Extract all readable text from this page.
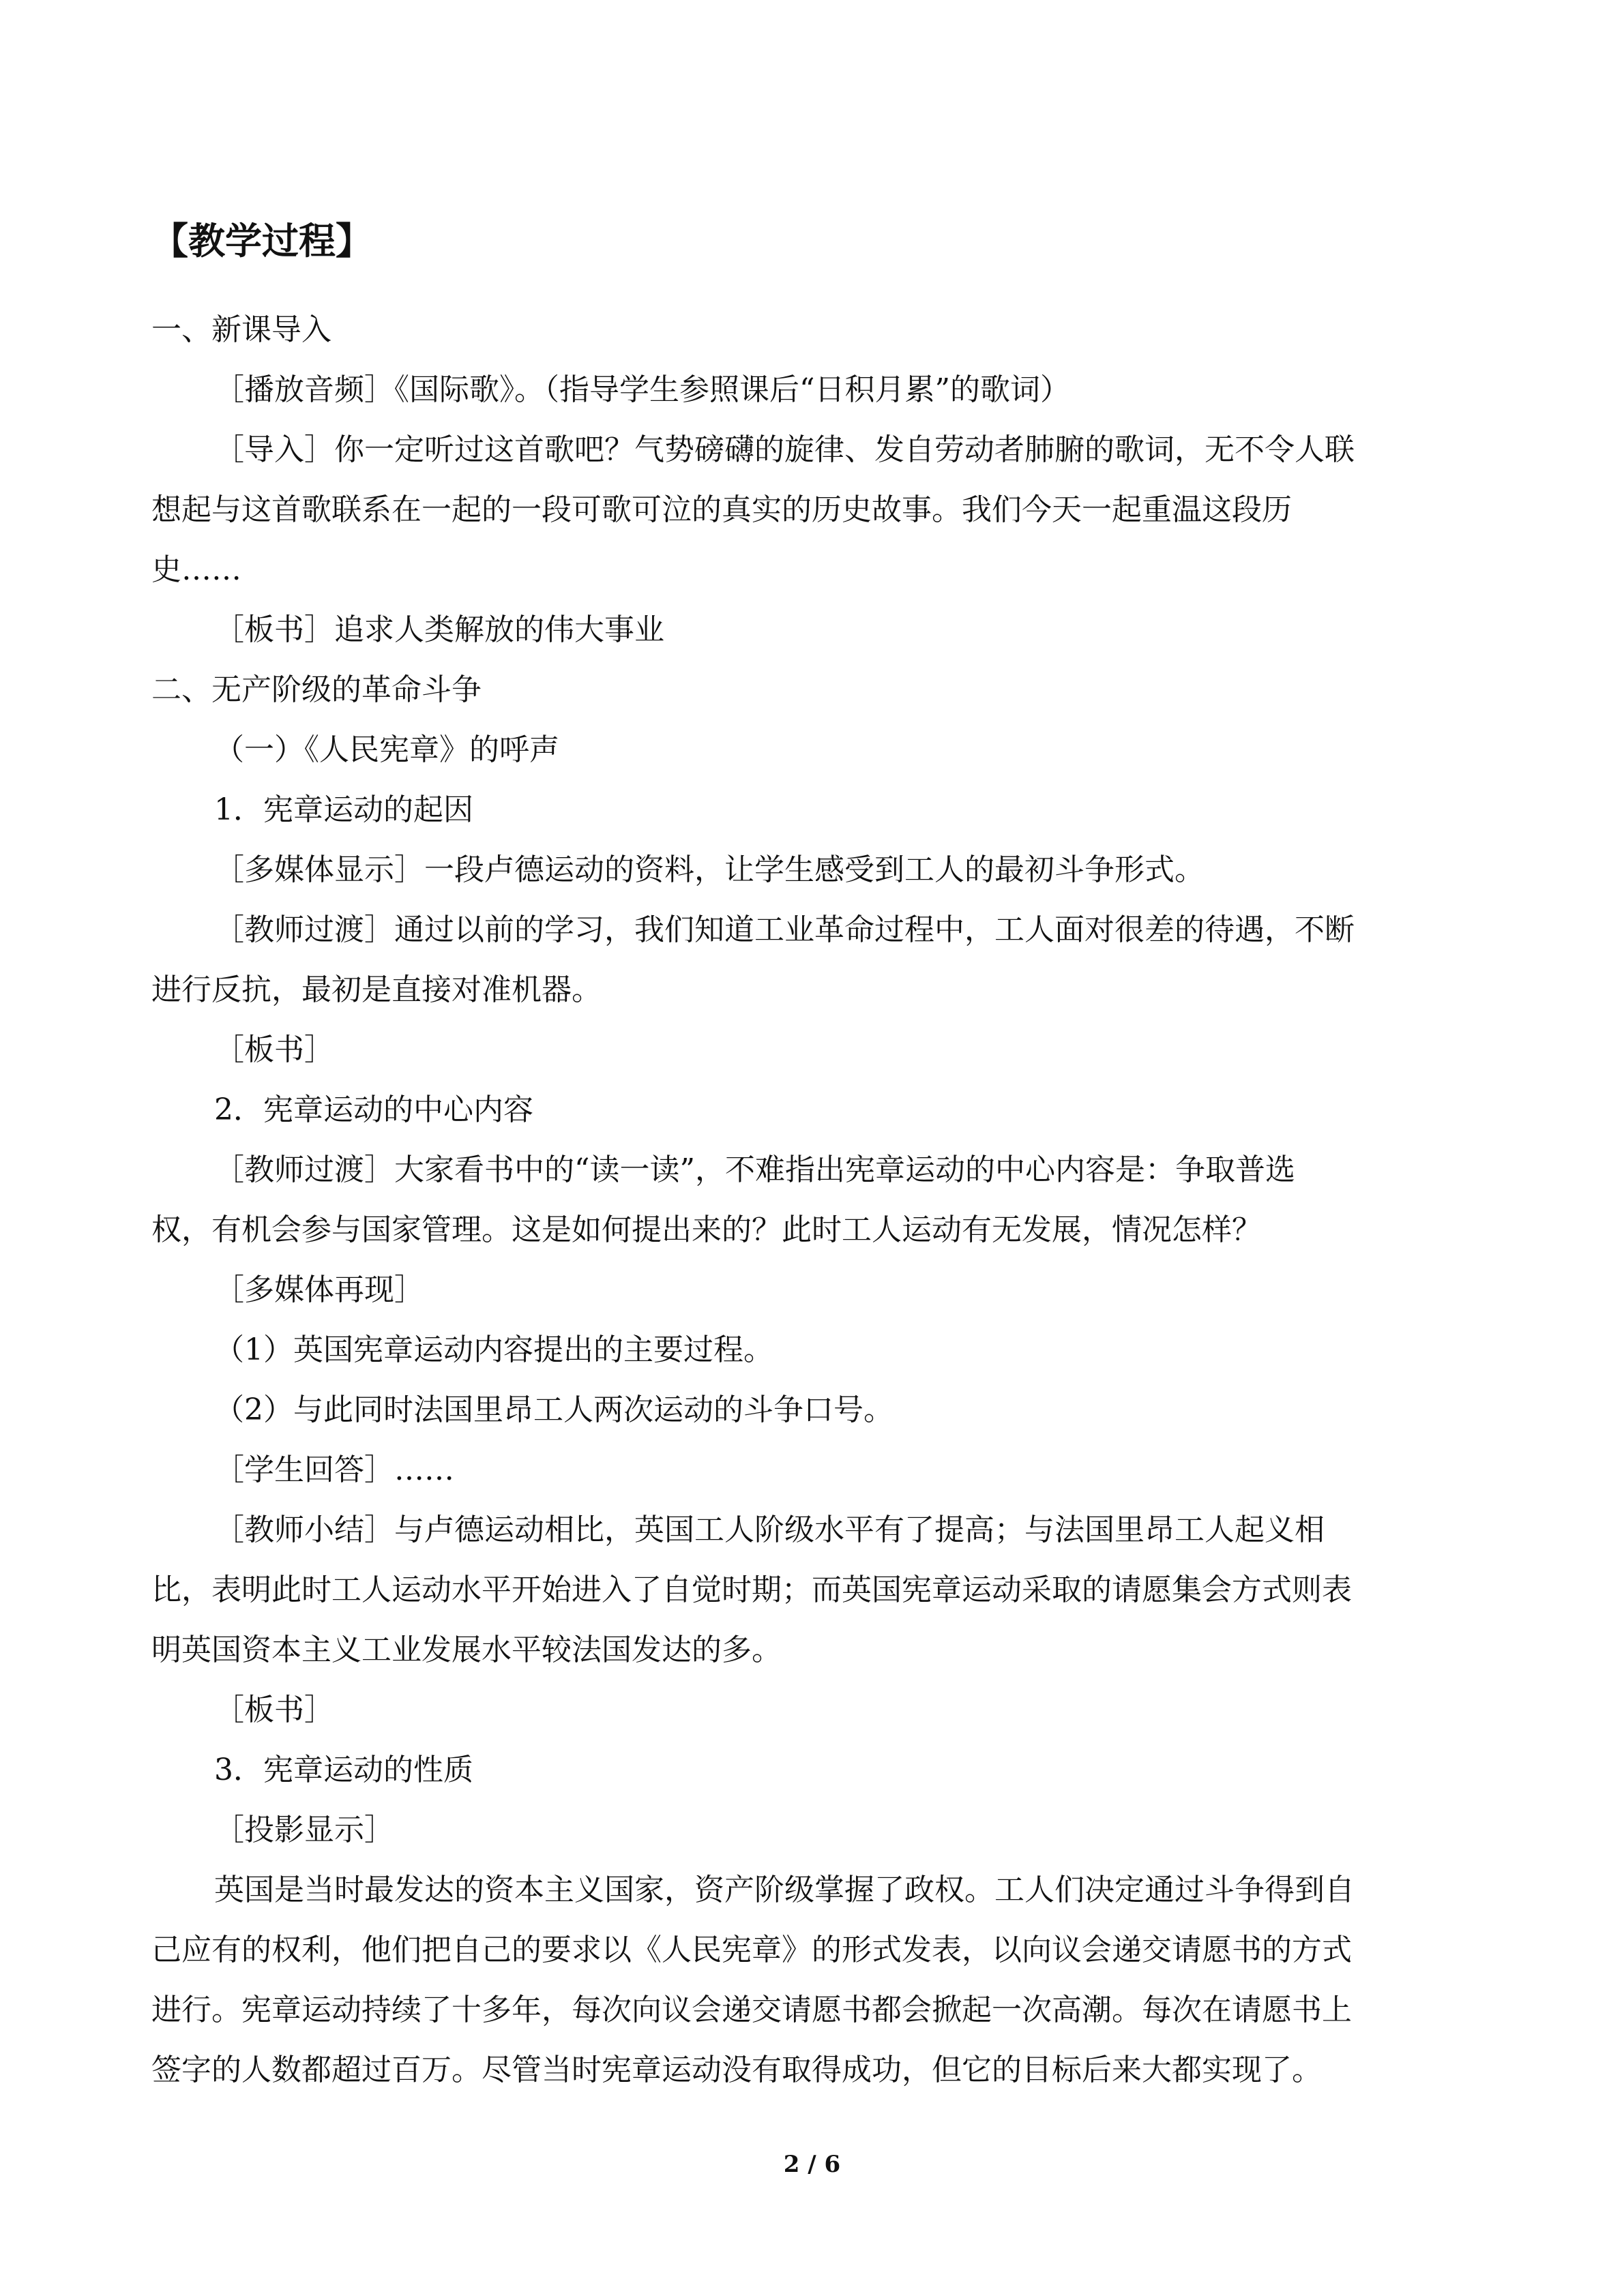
【教学过程】
一、新课导入
［播放音频］《国际歌》。（指导学生参照课后“日积月累”的歌词）
［导入］你一定听过这首歌吧？气势磅礴的旋律、发自劳动者肺腑的歌词，无不令人联
想起与这首歌联系在一起的一段可歌可泣的真实的历史故事。我们今天一起重温这段历
史……
［板书］追求人类解放的伟大事业
二、无产阶级的革命斗争
（一）《人民宪章》的呼声
1．宪章运动的起因
［多媒体显示］一段卢德运动的资料，让学生感受到工人的最初斗争形式。
［教师过渡］通过以前的学习，我们知道工业革命过程中，工人面对很差的待遇，不断
进行反抗，最初是直接对准机器。
［板书］
2．宪章运动的中心内容
［教师过渡］大家看书中的“读一读”，不难指出宪章运动的中心内容是：争取普选
权，有机会参与国家管理。这是如何提出来的？此时工人运动有无发展，情况怎样？
［多媒体再现］
（1）英国宪章运动内容提出的主要过程。
（2）与此同时法国里昂工人两次运动的斗争口号。
［学生回答］……
［教师小结］与卢德运动相比，英国工人阶级水平有了提高；与法国里昂工人起义相
比，表明此时工人运动水平开始进入了自觉时期；而英国宪章运动采取的请愿集会方式则表
明英国资本主义工业发展水平较法国发达的多。
［板书］
3．宪章运动的性质
［投影显示］
英国是当时最发达的资本主义国家，资产阶级掌握了政权。工人们决定通过斗争得到自
己应有的权利，他们把自己的要求以《人民宪章》的形式发表，以向议会递交请愿书的方式
进行。宪章运动持续了十多年，每次向议会递交请愿书都会掀起一次高潮。每次在请愿书上
签字的人数都超过百万。尽管当时宪章运动没有取得成功，但它的目标后来大都实现了。
2 / 6
